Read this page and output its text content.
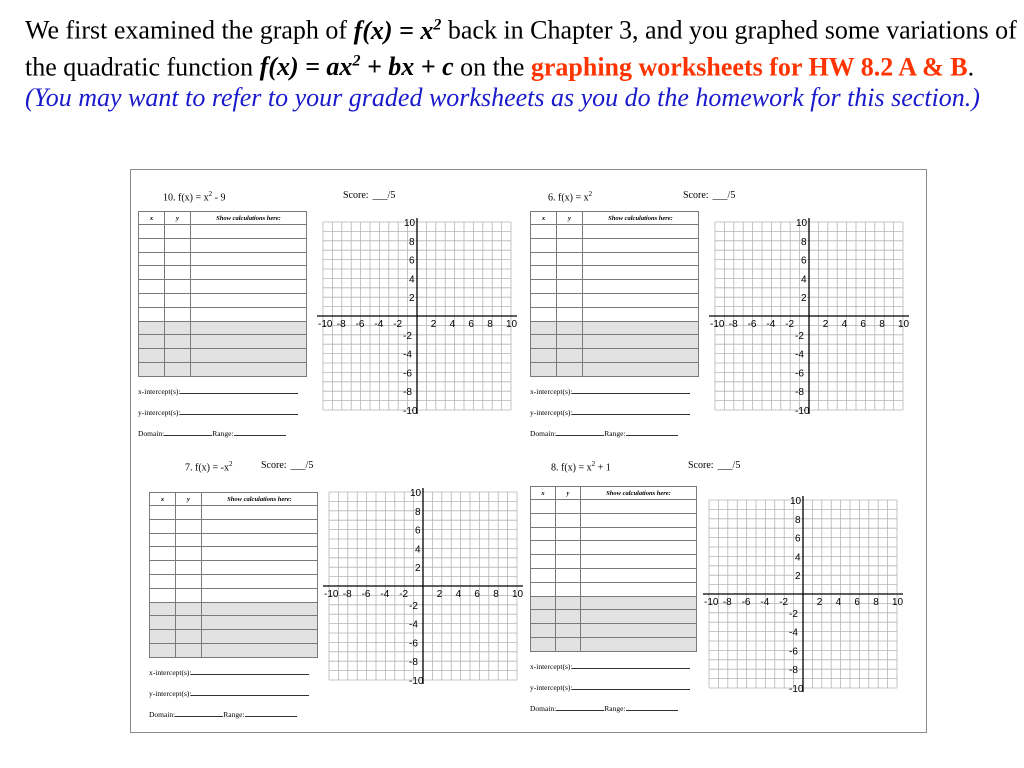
We first examined the graph of $f(x) = x^2$ back in Chapter 3, and you graphed some variations of the quadratic function $f(x) = ax^2$ + bx + c on the graphing worksheets for HW 8.2 A & B. (You may want to refer to your graded worksheets as you do the homework for this section.)
10. $f(x) = x^2 - 9$	Score: ___/5
x	y	Show calculations here:

x-intercept(s):
y-intercept(s):
Domain:	Range:
-10 -8 -6 -4 -2	2 4 6 8 10
10
8
6
4
2
-2
-4
-6
-8
-10
6. $f(x) = x^2$	Score: ___/5
x	y	Show calculations here:

x-intercept(s):
y-intercept(s):
Domain:	Range:
-10 -8 -6 -4 -2	2 4 6 8 10
10
8
6
4
2
-2
-4
-6
-8
-10
7. $f(x) = -x^2$	Score: ___/5
x	y	Show calculations here:

x-intercept(s):
y-intercept(s):
Domain:	Range:
-10 -8 -6 -4 -2	2 4 6 8 10
10
8
6
4
2
-2
-4
-6
-8
-10
8. $f(x) = x^2 + 1$	Score: ___/5
x	y	Show calculations here:

x-intercept(s):
y-intercept(s):
Domain:	Range:
-10 -8 -6 -4 -2	2 4 6 8 10
10
8
6
4
2
-2
-4
-6
-8
-10
